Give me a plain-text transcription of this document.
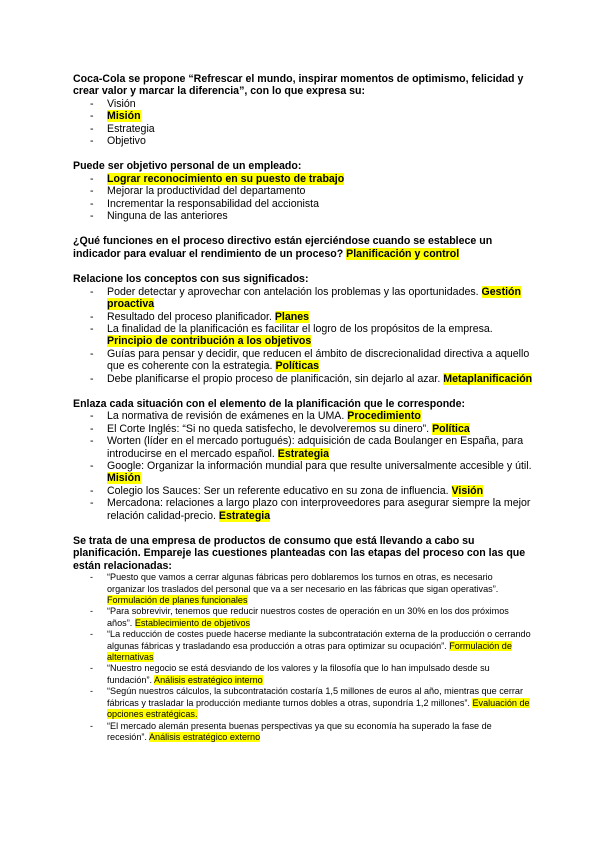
Coca-Cola se propone “Refrescar el mundo, inspirar momentos de optimismo, felicidad y crear valor y marcar la diferencia”, con lo que expresa su:
- Visión
- Misión
- Estrategia
- Objetivo
Puede ser objetivo personal de un empleado:
- Lograr reconocimiento en su puesto de trabajo
- Mejorar la productividad del departamento
- Incrementar la responsabilidad del accionista
- Ninguna de las anteriores
¿Qué funciones en el proceso directivo están ejerciéndose cuando se establece un indicador para evaluar el rendimiento de un proceso? Planificación y control
Relacione los conceptos con sus significados:
- Poder detectar y aprovechar con antelación los problemas y las oportunidades. Gestión proactiva
- Resultado del proceso planificador. Planes
- La finalidad de la planificación es facilitar el logro de los propósitos de la empresa. Principio de contribución a los objetivos
- Guías para pensar y decidir, que reducen el ámbito de discrecionalidad directiva a aquello que es coherente con la estrategia. Políticas
- Debe planificarse el propio proceso de planificación, sin dejarlo al azar. Metaplanificación
Enlaza cada situación con el elemento de la planificación que le corresponde:
- La normativa de revisión de exámenes en la UMA. Procedimiento
- El Corte Inglés: “Si no queda satisfecho, le devolveremos su dinero”. Política
- Worten (líder en el mercado portugués): adquisición de cada Boulanger en España, para introducirse en el mercado español. Estrategia
- Google: Organizar la información mundial para que resulte universalmente accesible y útil. Misión
- Colegio los Sauces: Ser un referente educativo en su zona de influencia. Visión
- Mercadona: relaciones a largo plazo con interproveedores para asegurar siempre la mejor relación calidad-precio. Estrategia
Se trata de una empresa de productos de consumo que está llevando a cabo su planificación. Empareje las cuestiones planteadas con las etapas del proceso con las que están relacionadas:
- “Puesto que vamos a cerrar algunas fábricas pero doblaremos los turnos en otras, es necesario organizar los traslados del personal que va a ser necesario en las fábricas que sigan operativas”. Formulación de planes funcionales
- “Para sobrevivir, tenemos que reducir nuestros costes de operación en un 30% en los dos próximos años”. Establecimiento de objetivos
- “La reducción de costes puede hacerse mediante la subcontratación externa de la producción o cerrando algunas fábricas y trasladando esa producción a otras para optimizar su ocupación”. Formulación de alternativas
- “Nuestro negocio se está desviando de los valores y la filosofía que lo han impulsado desde su fundación”. Análisis estratégico interno
- “Según nuestros cálculos, la subcontratación costaría 1,5 millones de euros al año, mientras que cerrar fábricas y trasladar la producción mediante turnos dobles a otras, supondría 1,2 millones”. Evaluación de opciones estratégicas.
- “El mercado alemán presenta buenas perspectivas ya que su economía ha superado la fase de recesión”. Análisis estratégico externo
